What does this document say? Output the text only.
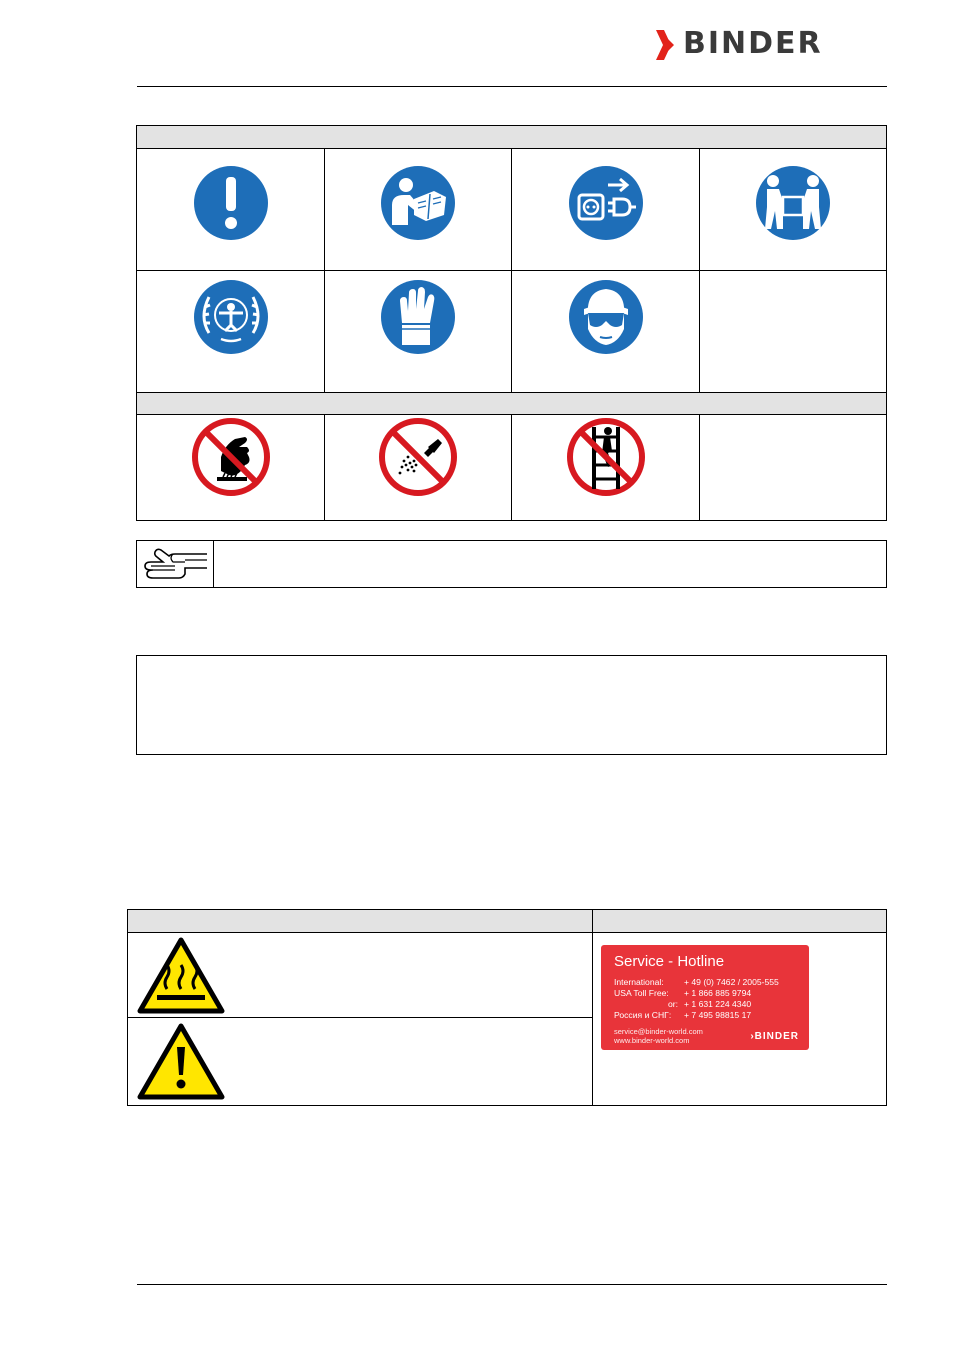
BINDER
Service - Hotline
International:	+ 49 (0) 7462 / 2005-555
USA Toll Free:	+ 1 866 885 9794
or: + 1 631 224 4340
Россия и СНГ:	+ 7 495 98815 17
service@binder-world.com
www.binder-world.com	›BINDER
